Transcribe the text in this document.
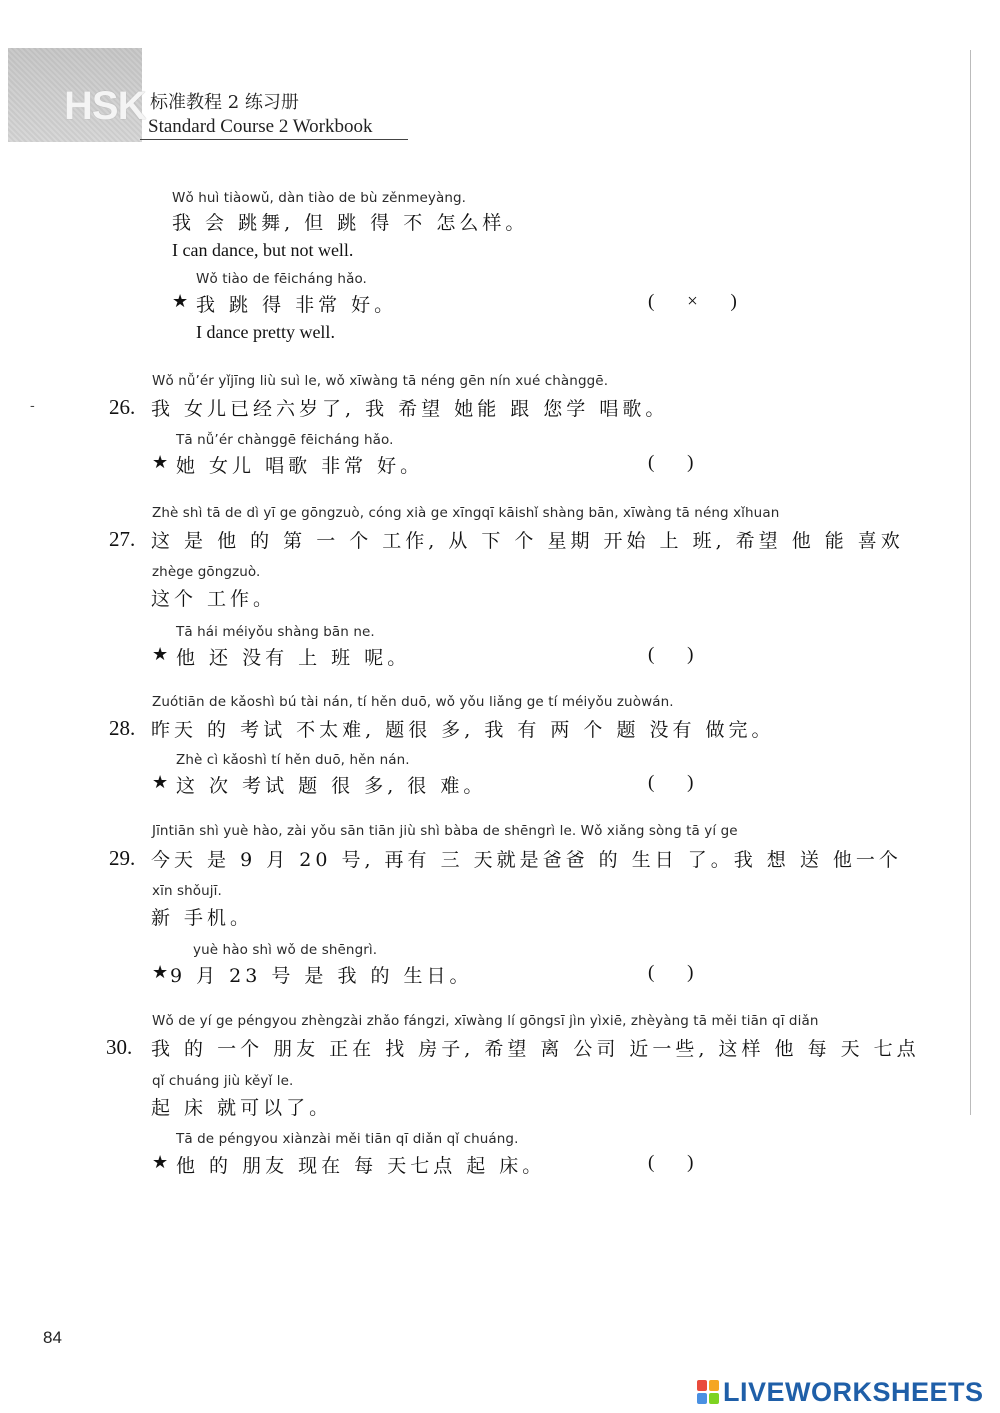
HSK 标准教程 2 练习册
Standard Course 2 Workbook
-
Wǒ huì tiàowǔ, dàn tiào de bù zěnmeyàng.
我 会 跳舞, 但 跳 得 不 怎么样。
I can dance, but not well.
Wǒ tiào de fēicháng hǎo.
★ 我 跳 得 非常 好。	( × )
I dance pretty well.
Wǒ nǚ’ér yǐjīng liù suì le, wǒ xīwàng tā néng gēn nín xué chànggē.
26. 我 女儿已经六岁了, 我 希望 她能 跟 您学 唱歌。
Tā nǚ’ér chànggē fēicháng hǎo.
★ 她 女儿 唱歌 非常 好。	( )
Zhè shì tā de dì yī ge gōngzuò, cóng xià ge xīngqī kāishǐ shàng bān, xīwàng tā néng xǐhuan
27. 这 是 他 的 第 一 个 工作, 从 下 个 星期 开始 上 班, 希望 他 能 喜欢
zhège gōngzuò.
这个 工作。
Tā hái méiyǒu shàng bān ne.
★ 他 还 没有 上 班 呢。	( )
Zuótiān de kǎoshì bú tài nán, tí hěn duō, wǒ yǒu liǎng ge tí méiyǒu zuòwán.
28. 昨天 的 考试 不太难, 题很 多, 我 有 两 个 题 没有 做完。
Zhè cì kǎoshì tí hěn duō, hěn nán.
★ 这 次 考试 题 很 多, 很 难。	( )
Jīntiān shì yuè hào, zài yǒu sān tiān jiù shì bàba de shēngrì le. Wǒ xiǎng sòng tā yí ge
29. 今天 是 9 月 20 号, 再有 三 天就是爸爸 的 生日 了。我 想 送 他一个
xīn shǒujī.
新 手机。
yuè hào shì wǒ de shēngrì.
★ 9 月 23 号 是 我 的 生日。	( )
Wǒ de yí ge péngyou zhèngzài zhǎo fángzi, xīwàng lí gōngsī jìn yìxiē, zhèyàng tā měi tiān qī diǎn
30. 我 的 一个 朋友 正在 找 房子, 希望 离 公司 近一些, 这样 他 每 天 七点
qǐ chuáng jiù kěyǐ le.
起 床 就可以了。
Tā de péngyou xiànzài měi tiān qī diǎn qǐ chuáng.
★ 他 的 朋友 现在 每 天七点 起 床。	( )
84
LIVEWORKSHEETS
